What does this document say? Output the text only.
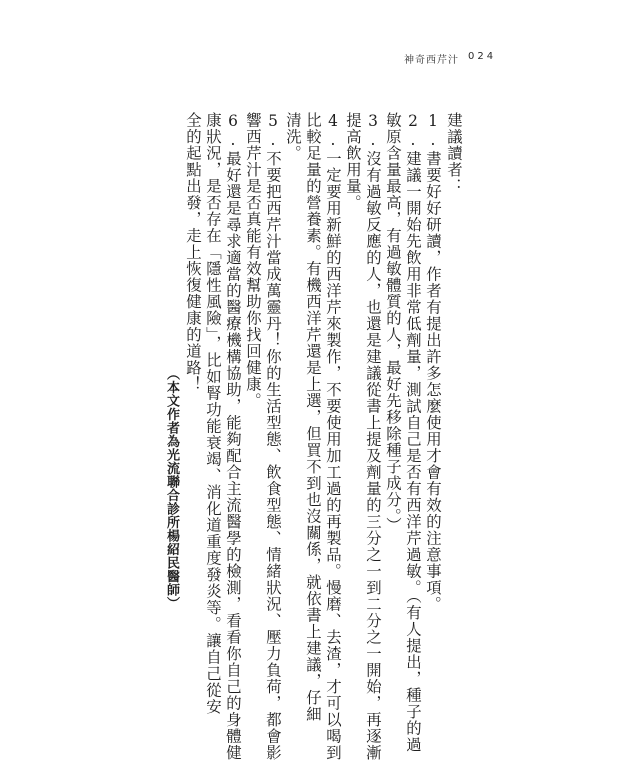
神奇西芹汁 024
建議讀者：
1.書要好好研讀，作者有提出許多怎麼使用才會有效的注意事項。
2.建議一開始先飲用非常低劑量，測試自己是否有西洋芹過敏。（有人提出，種子的過
敏原含量最高，有過敏體質的人，最好先移除種子成分。）
3.沒有過敏反應的人，也還是建議從書上提及劑量的三分之一到二分之一開始，再逐漸
提高飲用量。
4.一定要用新鮮的西洋芹來製作，不要使用加工過的再製品。慢磨、去渣，才可以喝到
比較足量的營養素。有機西洋芹還是上選，但買不到也沒關係，就依書上建議，仔細
清洗。
5.不要把西芹汁當成萬靈丹！你的生活型態、飲食型態、情緒狀況、壓力負荷，都會影
響西芹汁是否真能有效幫助你找回健康。
6.最好還是尋求適當的醫療機構協助，能夠配合主流醫學的檢測，看看你自己的身體健
康狀況，是否存在「隱性風險」，比如腎功能衰竭、消化道重度發炎等。讓自己從安
全的起點出發，走上恢復健康的道路！
（本文作者為光流聯合診所楊紹民醫師）
